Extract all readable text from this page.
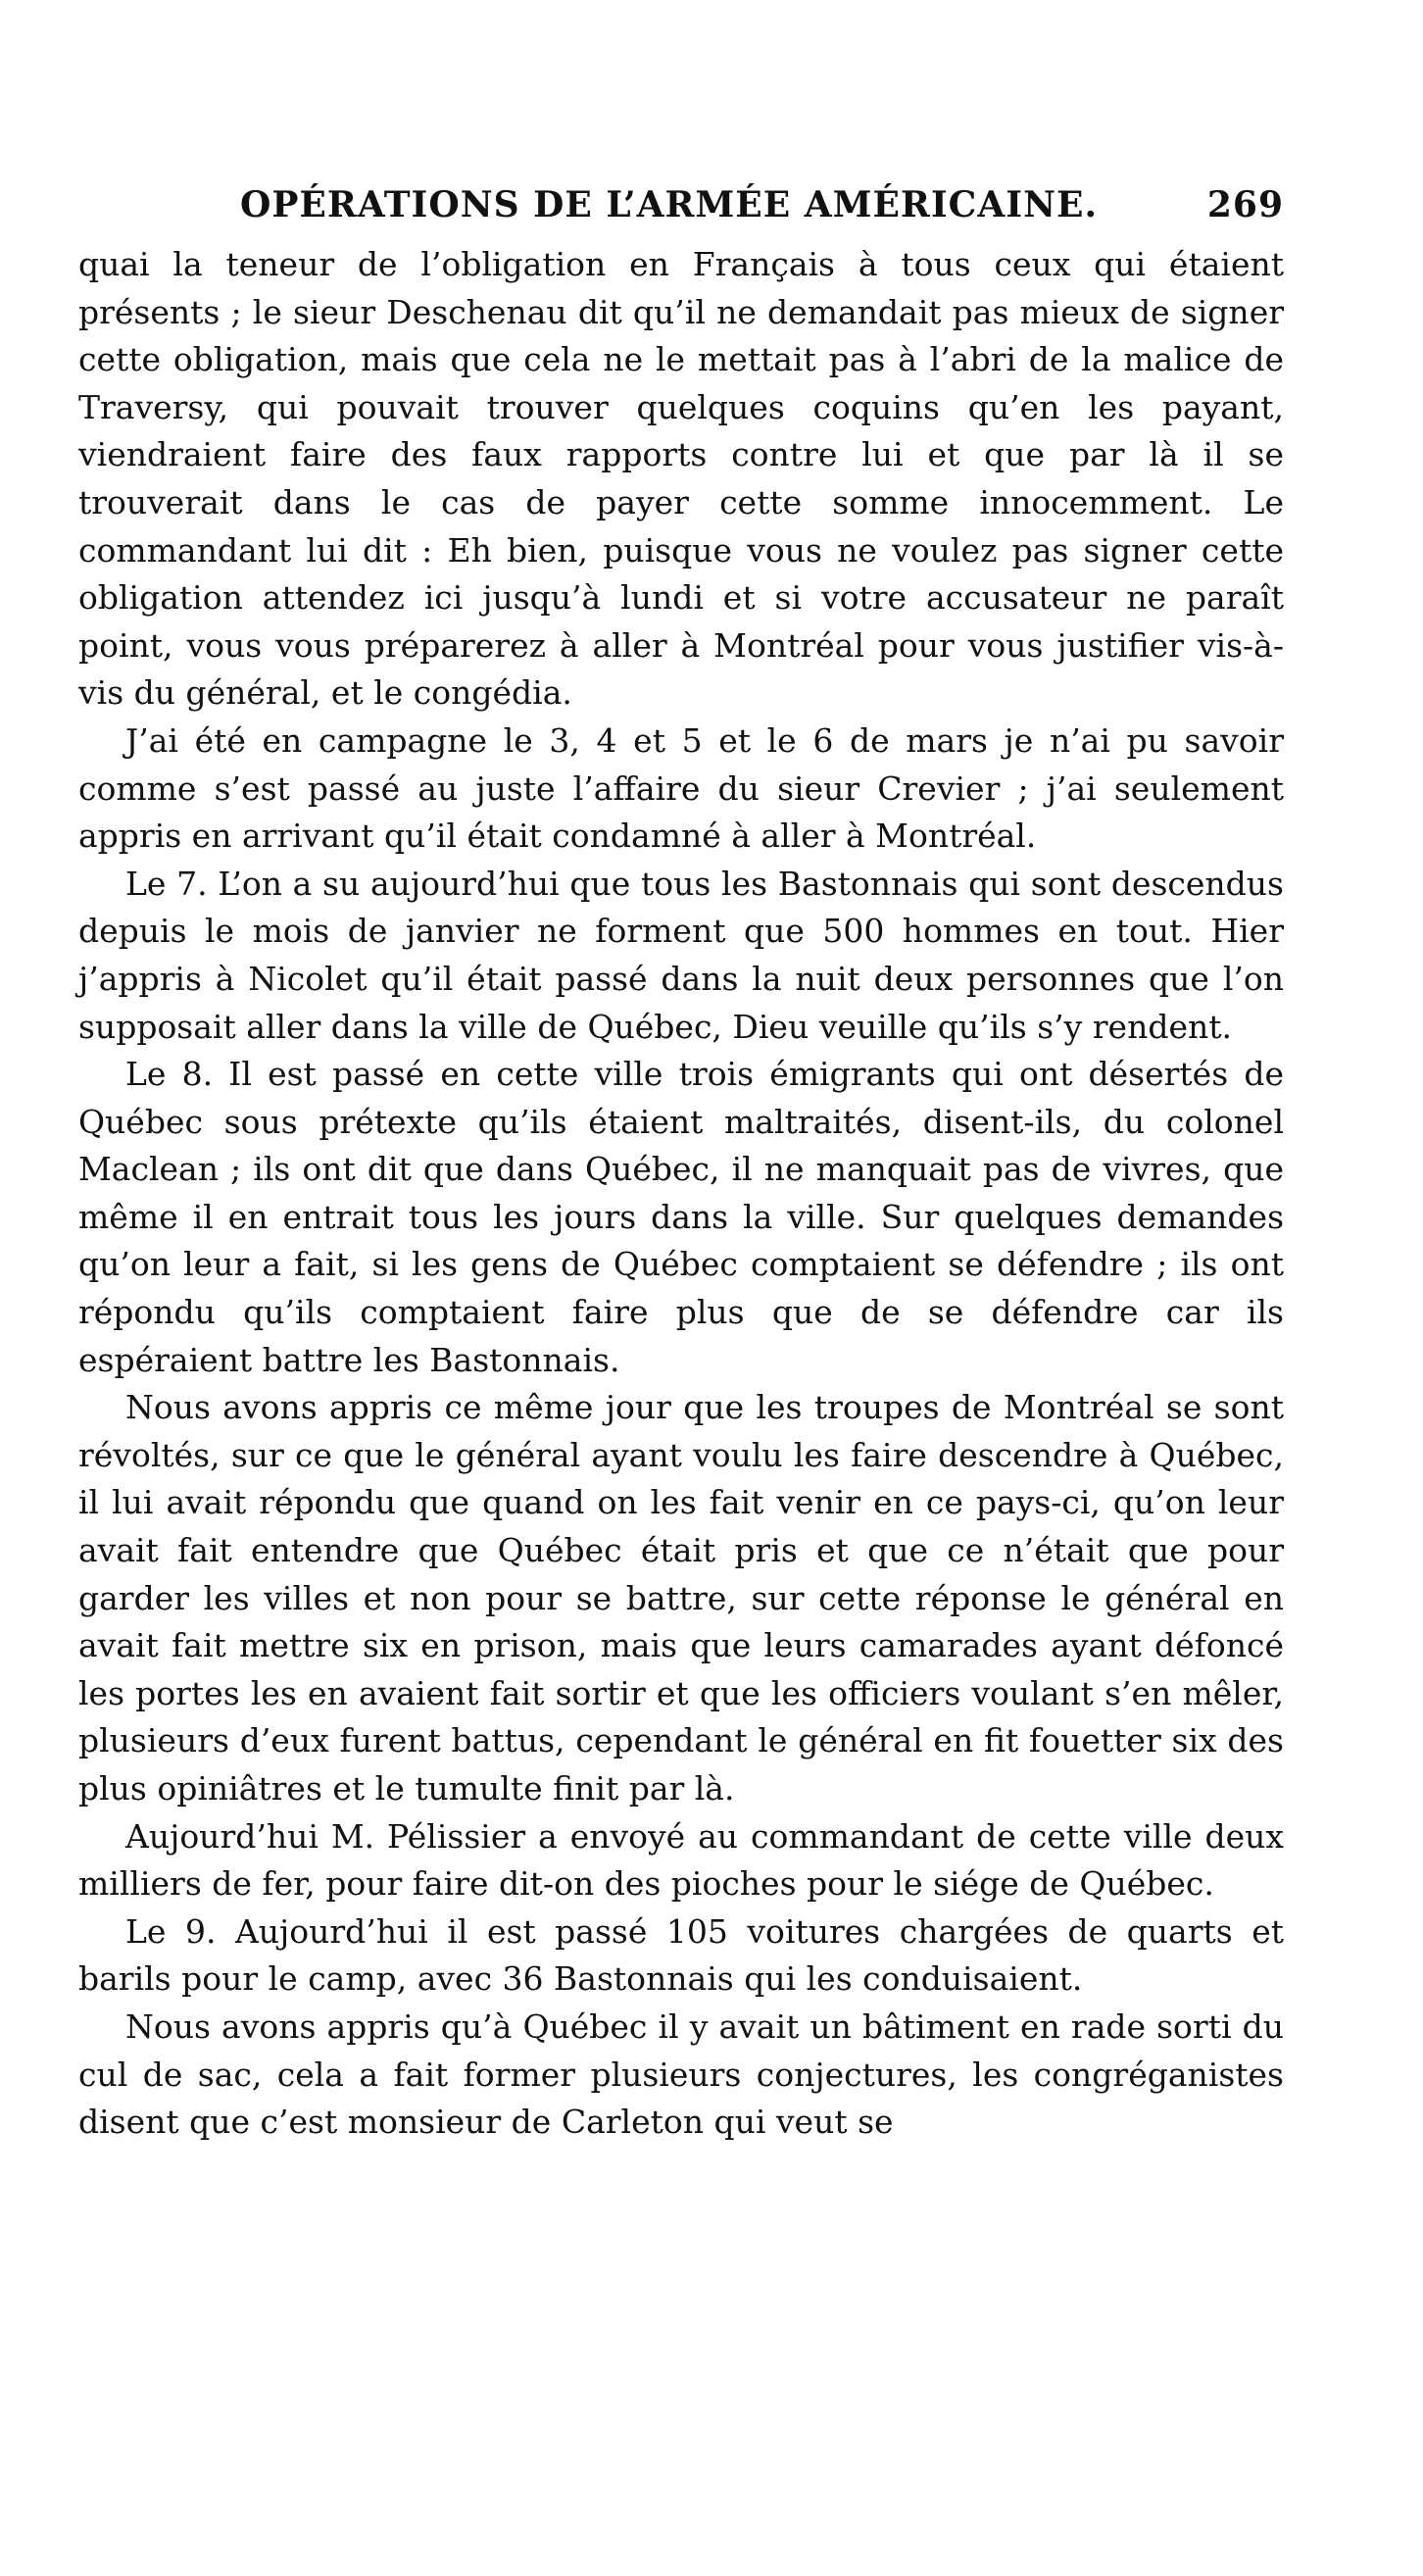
OPÉRATIONS DE L’ARMÉE AMÉRICAINE.	269

quai la teneur de l’obligation en Français à tous ceux qui étaient présents ; le sieur Deschenau dit qu’il ne demandait pas mieux de signer cette obligation, mais que cela ne le mettait pas à l’abri de la malice de Traversy, qui pouvait trouver quelques coquins qu’en les payant, viendraient faire des faux rapports contre lui et que par là il se trouverait dans le cas de payer cette somme innocemment. Le commandant lui dit : Eh bien, puisque vous ne voulez pas signer cette obligation attendez ici jusqu’à lundi et si votre accusateur ne paraît point, vous vous préparerez à aller à Montréal pour vous justifier vis-à-vis du général, et le congédia.

J’ai été en campagne le 3, 4 et 5 et le 6 de mars je n’ai pu savoir comme s’est passé au juste l’affaire du sieur Crevier ; j’ai seulement appris en arrivant qu’il était condamné à aller à Montréal.

Le 7. L’on a su aujourd’hui que tous les Bastonnais qui sont descendus depuis le mois de janvier ne forment que 500 hommes en tout. Hier j’appris à Nicolet qu’il était passé dans la nuit deux personnes que l’on supposait aller dans la ville de Québec, Dieu veuille qu’ils s’y rendent.

Le 8. Il est passé en cette ville trois émigrants qui ont désertés de Québec sous prétexte qu’ils étaient maltraités, disent-ils, du colonel Maclean ; ils ont dit que dans Québec, il ne manquait pas de vivres, que même il en entrait tous les jours dans la ville. Sur quelques demandes qu’on leur a fait, si les gens de Québec comptaient se défendre ; ils ont répondu qu’ils comptaient faire plus que de se défendre car ils espéraient battre les Bastonnais.

Nous avons appris ce même jour que les troupes de Montréal se sont révoltés, sur ce que le général ayant voulu les faire descendre à Québec, il lui avait répondu que quand on les fait venir en ce pays-ci, qu’on leur avait fait entendre que Québec était pris et que ce n’était que pour garder les villes et non pour se battre, sur cette réponse le général en avait fait mettre six en prison, mais que leurs camarades ayant défoncé les portes les en avaient fait sortir et que les officiers voulant s’en mêler, plusieurs d’eux furent battus, cependant le général en fit fouetter six des plus opiniâtres et le tumulte finit par là.

Aujourd’hui M. Pélissier a envoyé au commandant de cette ville deux milliers de fer, pour faire dit-on des pioches pour le siége de Québec.

Le 9. Aujourd’hui il est passé 105 voitures chargées de quarts et barils pour le camp, avec 36 Bastonnais qui les conduisaient.

Nous avons appris qu’à Québec il y avait un bâtiment en rade sorti du cul de sac, cela a fait former plusieurs conjectures, les congréganistes disent que c’est monsieur de Carleton qui veut se
